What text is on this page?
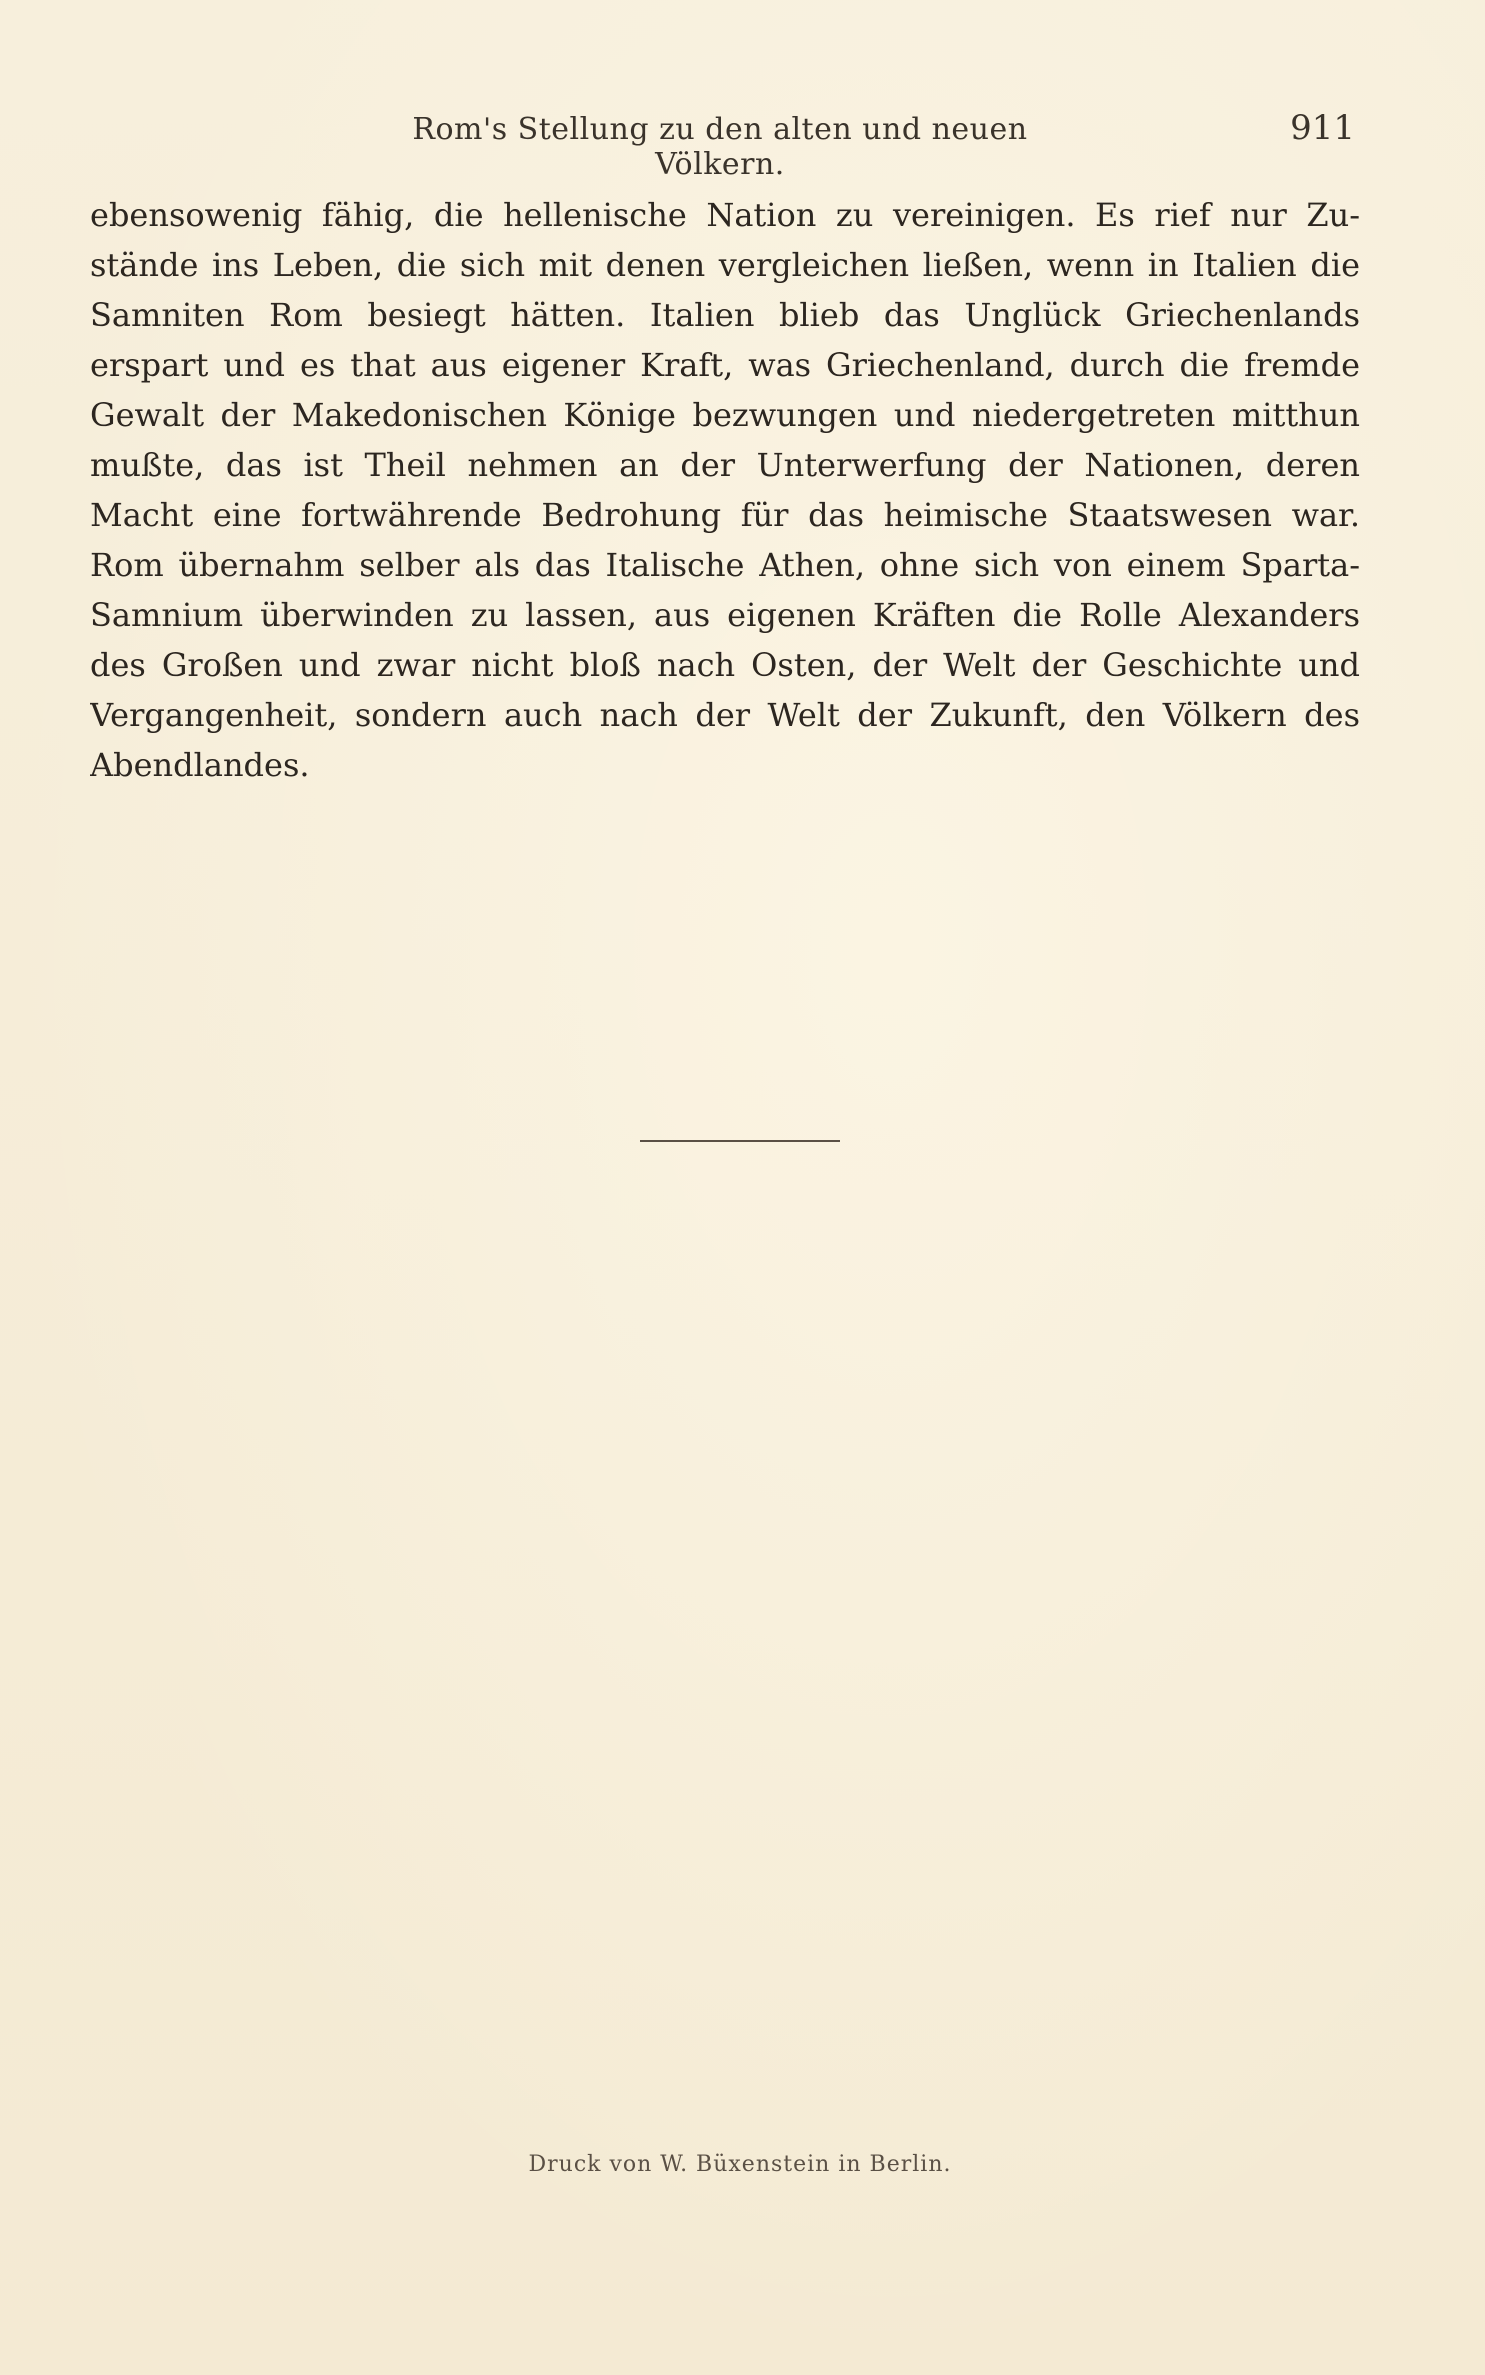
Rom's Stellung zu den alten und neuen Völkern.
911
ebensowenig fähig, die hellenische Nation zu vereinigen. Es rief nur Zu-
stände ins Leben, die sich mit denen vergleichen ließen, wenn in Italien die
Samniten Rom besiegt hätten. Italien blieb das Unglück Griechenlands
erspart und es that aus eigener Kraft, was Griechenland, durch die fremde
Gewalt der Makedonischen Könige bezwungen und niedergetreten mitthun
mußte, das ist Theil nehmen an der Unterwerfung der Nationen, deren
Macht eine fortwährende Bedrohung für das heimische Staatswesen war.
Rom übernahm selber als das Italische Athen, ohne sich von einem Sparta-
Samnium überwinden zu lassen, aus eigenen Kräften die Rolle Alexanders
des Großen und zwar nicht bloß nach Osten, der Welt der Geschichte und
Vergangenheit, sondern auch nach der Welt der Zukunft, den Völkern des
Abendlandes.
Druck von W. Büxenstein in Berlin.
